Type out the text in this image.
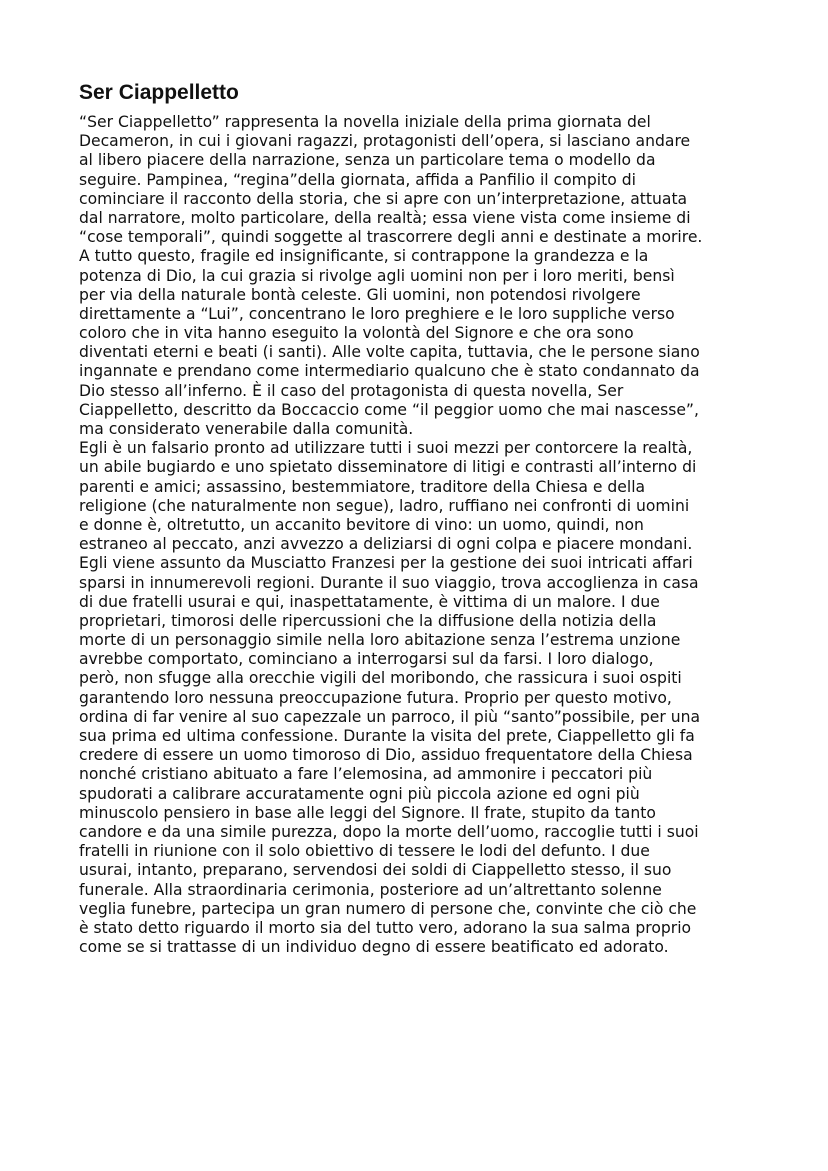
Ser Ciappelletto
“Ser Ciappelletto” rappresenta la novella iniziale della prima giornata del
Decameron, in cui i giovani ragazzi, protagonisti dell’opera, si lasciano andare
al libero piacere della narrazione, senza un particolare tema o modello da
seguire. Pampinea, “regina”della giornata, affida a Panfilio il compito di
cominciare il racconto della storia, che si apre con un’interpretazione, attuata
dal narratore, molto particolare, della realtà; essa viene vista come insieme di
“cose temporali”, quindi soggette al trascorrere degli anni e destinate a morire.
A tutto questo, fragile ed insignificante, si contrappone la grandezza e la
potenza di Dio, la cui grazia si rivolge agli uomini non per i loro meriti, bensì
per via della naturale bontà celeste. Gli uomini, non potendosi rivolgere
direttamente a “Lui”, concentrano le loro preghiere e le loro suppliche verso
coloro che in vita hanno eseguito la volontà del Signore e che ora sono
diventati eterni e beati (i santi). Alle volte capita, tuttavia, che le persone siano
ingannate e prendano come intermediario qualcuno che è stato condannato da
Dio stesso all’inferno. È il caso del protagonista di questa novella, Ser
Ciappelletto, descritto da Boccaccio come “il peggior uomo che mai nascesse”,
ma considerato venerabile dalla comunità.
Egli è un falsario pronto ad utilizzare tutti i suoi mezzi per contorcere la realtà,
un abile bugiardo e uno spietato disseminatore di litigi e contrasti all’interno di
parenti e amici; assassino, bestemmiatore, traditore della Chiesa e della
religione (che naturalmente non segue), ladro, ruffiano nei confronti di uomini
e donne è, oltretutto, un accanito bevitore di vino: un uomo, quindi, non
estraneo al peccato, anzi avvezzo a deliziarsi di ogni colpa e piacere mondani.
Egli viene assunto da Musciatto Franzesi per la gestione dei suoi intricati affari
sparsi in innumerevoli regioni. Durante il suo viaggio, trova accoglienza in casa
di due fratelli usurai e qui, inaspettatamente, è vittima di un malore. I due
proprietari, timorosi delle ripercussioni che la diffusione della notizia della
morte di un personaggio simile nella loro abitazione senza l’estrema unzione
avrebbe comportato, cominciano a interrogarsi sul da farsi. I loro dialogo,
però, non sfugge alla orecchie vigili del moribondo, che rassicura i suoi ospiti
garantendo loro nessuna preoccupazione futura. Proprio per questo motivo,
ordina di far venire al suo capezzale un parroco, il più “santo”possibile, per una
sua prima ed ultima confessione. Durante la visita del prete, Ciappelletto gli fa
credere di essere un uomo timoroso di Dio, assiduo frequentatore della Chiesa
nonché cristiano abituato a fare l’elemosina, ad ammonire i peccatori più
spudorati a calibrare accuratamente ogni più piccola azione ed ogni più
minuscolo pensiero in base alle leggi del Signore. Il frate, stupito da tanto
candore e da una simile purezza, dopo la morte dell’uomo, raccoglie tutti i suoi
fratelli in riunione con il solo obiettivo di tessere le lodi del defunto. I due
usurai, intanto, preparano, servendosi dei soldi di Ciappelletto stesso, il suo
funerale. Alla straordinaria cerimonia, posteriore ad un’altrettanto solenne
veglia funebre, partecipa un gran numero di persone che, convinte che ciò che
è stato detto riguardo il morto sia del tutto vero, adorano la sua salma proprio
come se si trattasse di un individuo degno di essere beatificato ed adorato.
